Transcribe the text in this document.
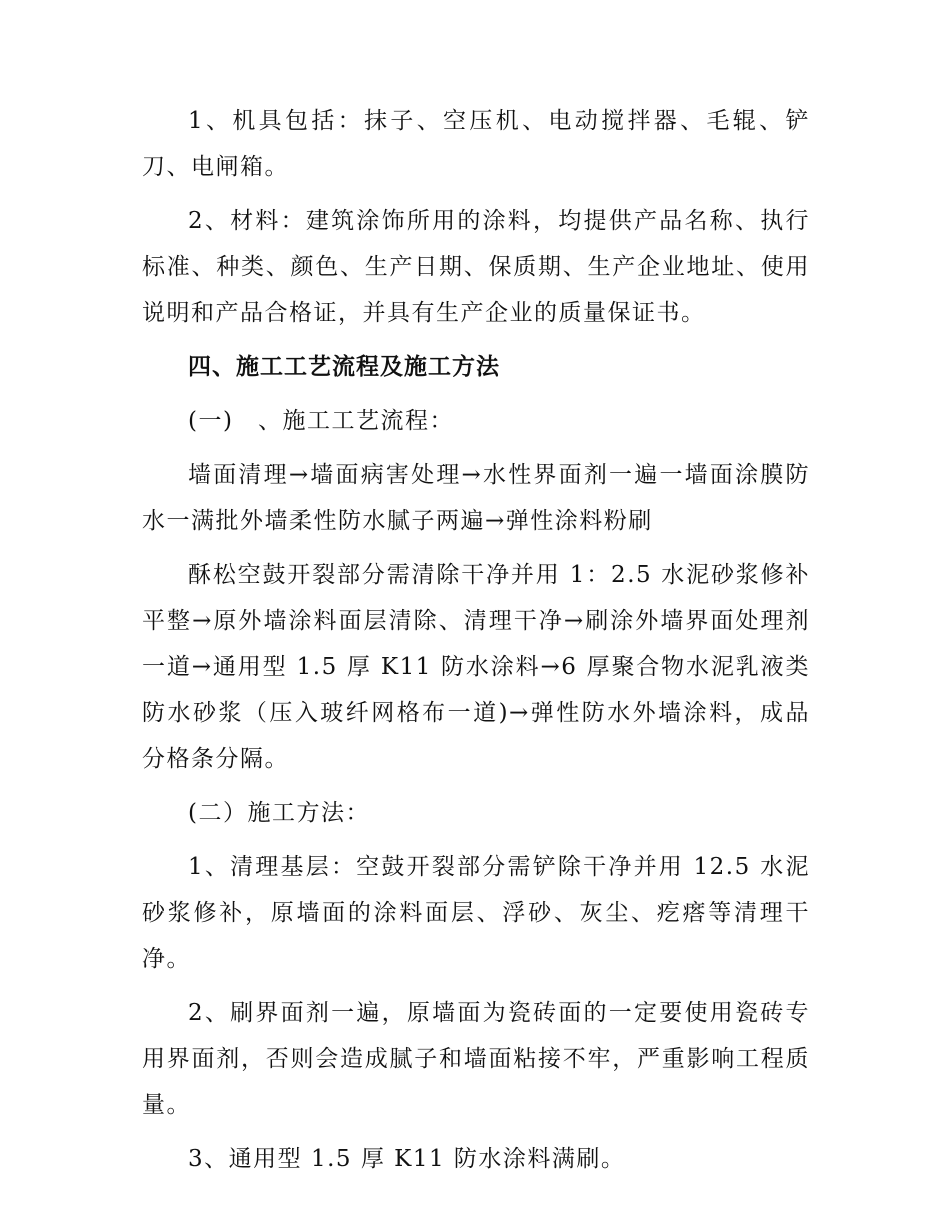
1、机具包括：抹子、空压机、电动搅拌器、毛辊、铲刀、电闸箱。

2、材料：建筑涂饰所用的涂料，均提供产品名称、执行标准、种类、颜色、生产日期、保质期、生产企业地址、使用说明和产品合格证，并具有生产企业的质量保证书。

四、施工工艺流程及施工方法

(一)　、施工工艺流程：

墙面清理→墙面病害处理→水性界面剂一遍一墙面涂膜防水一满批外墙柔性防水腻子两遍→弹性涂料粉刷

酥松空鼓开裂部分需清除干净并用 1：2.5 水泥砂浆修补平整→原外墙涂料面层清除、清理干净→刷涂外墙界面处理剂一道→通用型 1.5 厚 K11 防水涂料→6 厚聚合物水泥乳液类防水砂浆（压入玻纤网格布一道)→弹性防水外墙涂料，成品分格条分隔。

(二）施工方法：

1、清理基层：空鼓开裂部分需铲除干净并用 12.5 水泥砂浆修补，原墙面的涂料面层、浮砂、灰尘、疙瘩等清理干净。

2、刷界面剂一遍，原墙面为瓷砖面的一定要使用瓷砖专用界面剂，否则会造成腻子和墙面粘接不牢，严重影响工程质量。

3、通用型 1.5 厚 K11 防水涂料满刷。
